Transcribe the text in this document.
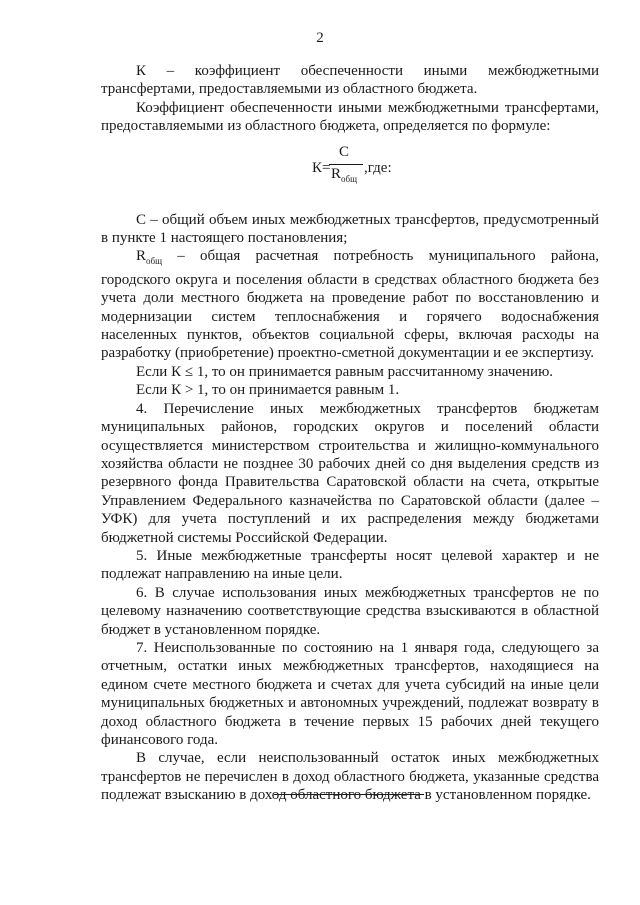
2

К – коэффициент обеспеченности иными межбюджетными трансфертами, предоставляемыми из областного бюджета.

Коэффициент обеспеченности иными межбюджетными трансфертами, предоставляемыми из областного бюджета, определяется по формуле:

К=
С
$R_{общ}$
,где:

С – общий объем иных межбюджетных трансфертов, предусмотренный в пункте 1 настоящего постановления;

$R_{общ}$ – общая расчетная потребность муниципального района, городского округа и поселения области в средствах областного бюджета без учета доли местного бюджета на проведение работ по восстановлению и модернизации систем теплоснабжения и горячего водоснабжения населенных пунктов, объектов социальной сферы, включая расходы на разработку (приобретение) проектно-сметной документации и ее экспертизу.

Если К ≤ 1, то он принимается равным рассчитанному значению.

Если К > 1, то он принимается равным 1.

4. Перечисление иных межбюджетных трансфертов бюджетам муниципальных районов, городских округов и поселений области осуществляется министерством строительства и жилищно-коммунального хозяйства области не позднее 30 рабочих дней со дня выделения средств из резервного фонда Правительства Саратовской области на счета, открытые Управлением Федерального казначейства по Саратовской области (далее – УФК) для учета поступлений и их распределения между бюджетами бюджетной системы Российской Федерации.

5. Иные межбюджетные трансферты носят целевой характер и не подлежат направлению на иные цели.

6. В случае использования иных межбюджетных трансфертов не по целевому назначению соответствующие средства взыскиваются в областной бюджет в установленном порядке.

7. Неиспользованные по состоянию на 1 января года, следующего за отчетным, остатки иных межбюджетных трансфертов, находящиеся на едином счете местного бюджета и счетах для учета субсидий на иные цели муниципальных бюджетных и автономных учреждений, подлежат возврату в доход областного бюджета в течение первых 15 рабочих дней текущего финансового года.

В случае, если неиспользованный остаток иных межбюджетных трансфертов не перечислен в доход областного бюджета, указанные средства подлежат взысканию в доход областного бюджета в установленном порядке.
